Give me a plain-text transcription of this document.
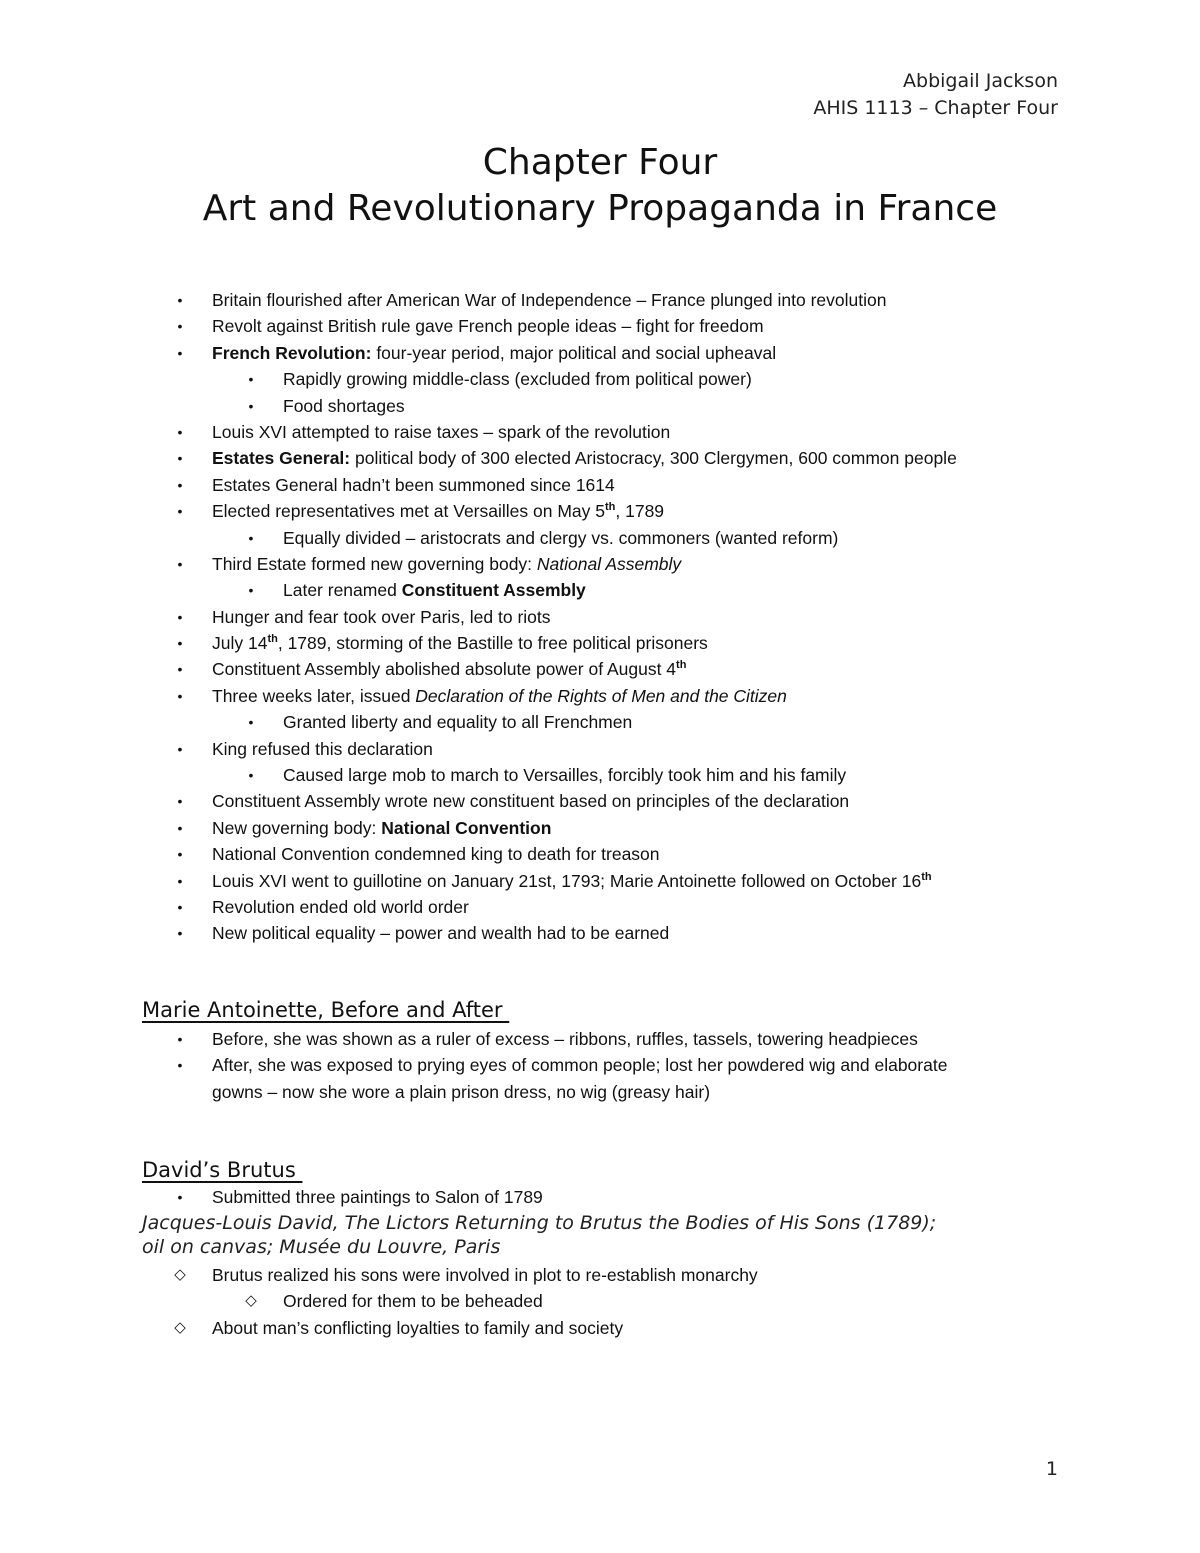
Abbigail Jackson
AHIS 1113 – Chapter Four
Chapter Four
Art and Revolutionary Propaganda in France
• Britain flourished after American War of Independence – France plunged into revolution
• Revolt against British rule gave French people ideas – fight for freedom
• French Revolution: four-year period, major political and social upheaval
• Rapidly growing middle-class (excluded from political power)
• Food shortages
• Louis XVI attempted to raise taxes – spark of the revolution
• Estates General: political body of 300 elected Aristocracy, 300 Clergymen, 600 common people
• Estates General hadn’t been summoned since 1614
• Elected representatives met at Versailles on May 5th, 1789
• Equally divided – aristocrats and clergy vs. commoners (wanted reform)
• Third Estate formed new governing body: National Assembly
• Later renamed Constituent Assembly
• Hunger and fear took over Paris, led to riots
• July 14th, 1789, storming of the Bastille to free political prisoners
• Constituent Assembly abolished absolute power of August 4th
• Three weeks later, issued Declaration of the Rights of Men and the Citizen
• Granted liberty and equality to all Frenchmen
• King refused this declaration
• Caused large mob to march to Versailles, forcibly took him and his family
• Constituent Assembly wrote new constituent based on principles of the declaration
• New governing body: National Convention
• National Convention condemned king to death for treason
• Louis XVI went to guillotine on January 21st, 1793; Marie Antoinette followed on October 16th
• Revolution ended old world order
• New political equality – power and wealth had to be earned
Marie Antoinette, Before and After
• Before, she was shown as a ruler of excess – ribbons, ruffles, tassels, towering headpieces
• After, she was exposed to prying eyes of common people; lost her powdered wig and elaborate
gowns – now she wore a plain prison dress, no wig (greasy hair)
David’s Brutus
• Submitted three paintings to Salon of 1789
Jacques-Louis David, The Lictors Returning to Brutus the Bodies of His Sons (1789);
oil on canvas; Musée du Louvre, Paris
◇ Brutus realized his sons were involved in plot to re-establish monarchy
◇ Ordered for them to be beheaded
◇ About man’s conflicting loyalties to family and society
1
